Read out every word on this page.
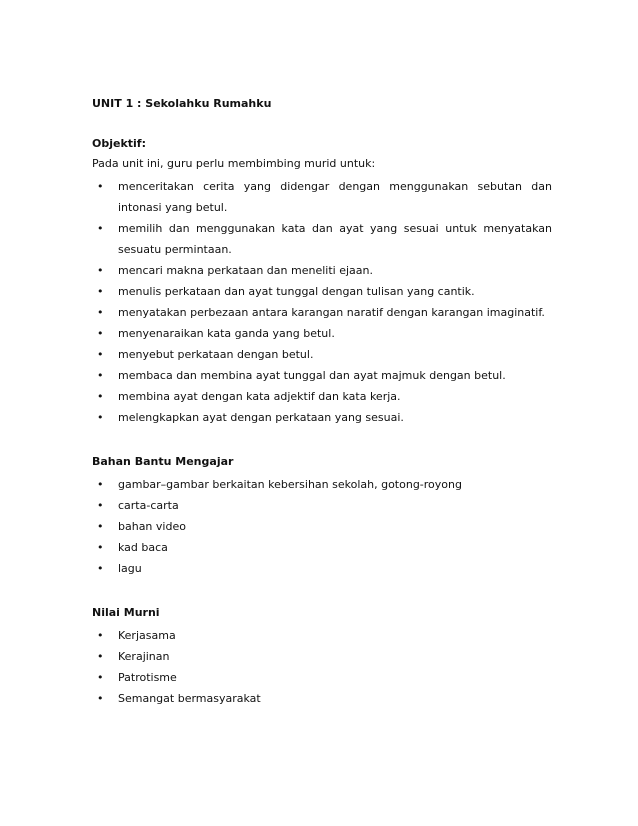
UNIT 1 : Sekolahku Rumahku

Objektif:

Pada unit ini, guru perlu membimbing murid untuk:

• menceritakan cerita yang didengar dengan menggunakan sebutan dan intonasi yang betul.
• memilih dan menggunakan kata dan ayat yang sesuai untuk menyatakan sesuatu permintaan.
• mencari makna perkataan dan meneliti ejaan.
• menulis perkataan dan ayat tunggal dengan tulisan yang cantik.
• menyatakan perbezaan antara karangan naratif dengan karangan imaginatif.
• menyenaraikan kata ganda yang betul.
• menyebut perkataan dengan betul.
• membaca dan membina ayat tunggal dan ayat majmuk dengan betul.
• membina ayat dengan kata adjektif dan kata kerja.
• melengkapkan ayat dengan perkataan yang sesuai.

Bahan Bantu Mengajar

• gambar–gambar berkaitan kebersihan sekolah, gotong-royong
• carta-carta
• bahan video
• kad baca
• lagu

Nilai Murni

• Kerjasama
• Kerajinan
• Patrotisme
• Semangat bermasyarakat
